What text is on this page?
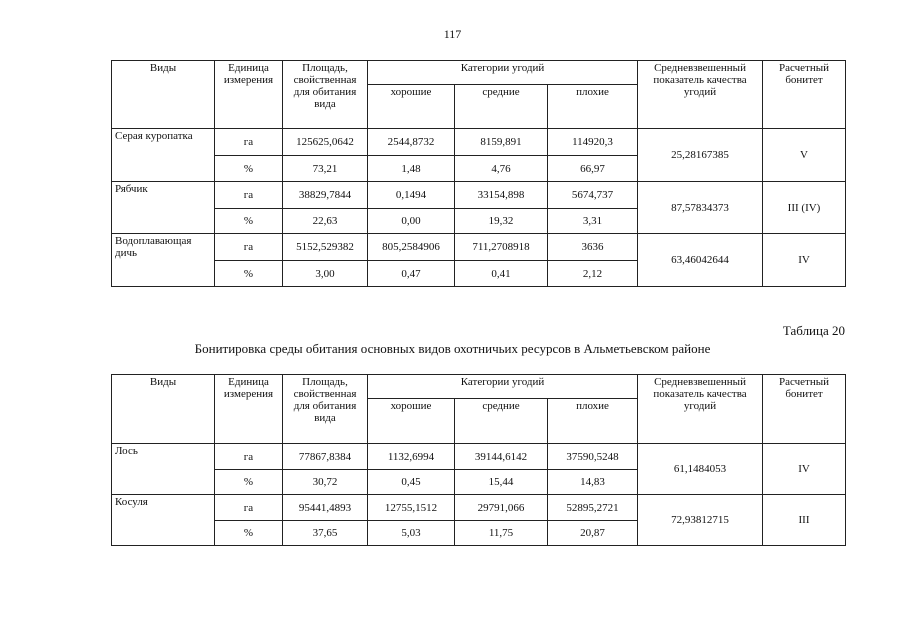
117
Виды	Единица измерения	Площадь, свойственная для обитания вида	Категории угодий			Средневзвешенный показатель качества угодий	Расчетный бонитет
			хорошие	средние	плохие		
Серая куропатка	га	125625,0642	2544,8732	8159,891	114920,3	25,28167385	V
	%	73,21	1,48	4,76	66,97		
Рябчик	га	38829,7844	0,1494	33154,898	5674,737	87,57834373	III (IV)
	%	22,63	0,00	19,32	3,31		
Водоплавающая дичь	га	5152,529382	805,2584906	711,2708918	3636	63,46042644	IV
	%	3,00	0,47	0,41	2,12		
Таблица 20
Бонитировка среды обитания основных видов охотничьих ресурсов в Альметьевском районе
Виды	Единица измерения	Площадь, свойственная для обитания вида	Категории угодий			Средневзвешенный показатель качества угодий	Расчетный бонитет
			хорошие	средние	плохие		
Лось	га	77867,8384	1132,6994	39144,6142	37590,5248	61,1484053	IV
	%	30,72	0,45	15,44	14,83		
Косуля	га	95441,4893	12755,1512	29791,066	52895,2721	72,93812715	III
	%	37,65	5,03	11,75	20,87		
